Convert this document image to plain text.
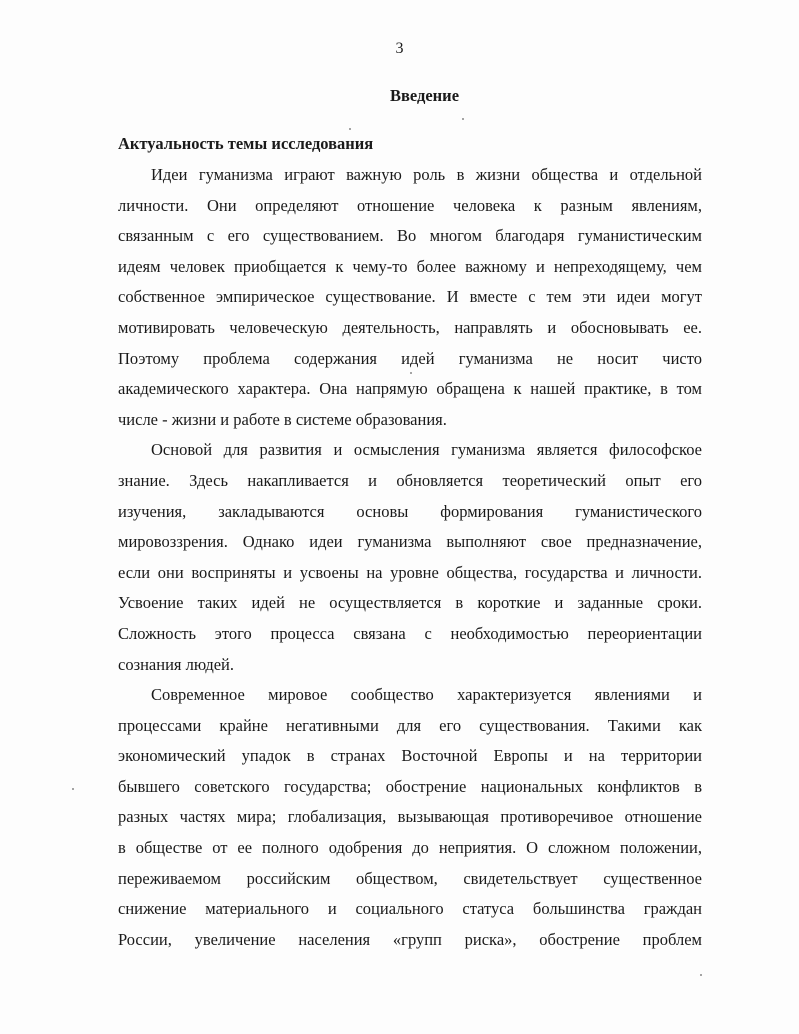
3
Введение
Актуальность темы исследования
Идеи гуманизма играют важную роль в жизни общества и отдельной
личности. Они определяют отношение человека к разным явлениям,
связанным с его существованием. Во многом благодаря гуманистическим
идеям человек приобщается к чему-то более важному и непреходящему, чем
собственное эмпирическое существование. И вместе с тем эти идеи могут
мотивировать человеческую деятельность, направлять и обосновывать ее.
Поэтому проблема содержания идей гуманизма не носит чисто
академического характера. Она напрямую обращена к нашей практике, в том
числе - жизни и работе в системе образования.
Основой для развития и осмысления гуманизма является философское
знание. Здесь накапливается и обновляется теоретический опыт его
изучения, закладываются основы формирования гуманистического
мировоззрения. Однако идеи гуманизма выполняют свое предназначение,
если они восприняты и усвоены на уровне общества, государства и личности.
Усвоение таких идей не осуществляется в короткие и заданные сроки.
Сложность этого процесса связана с необходимостью переориентации
сознания людей.
Современное мировое сообщество характеризуется явлениями и
процессами крайне негативными для его существования. Такими как
экономический упадок в странах Восточной Европы и на территории
бывшего советского государства; обострение национальных конфликтов в
разных частях мира; глобализация, вызывающая противоречивое отношение
в обществе от ее полного одобрения до неприятия. О сложном положении,
переживаемом российским обществом, свидетельствует существенное
снижение материального и социального статуса большинства граждан
России, увеличение населения «групп риска», обострение проблем
